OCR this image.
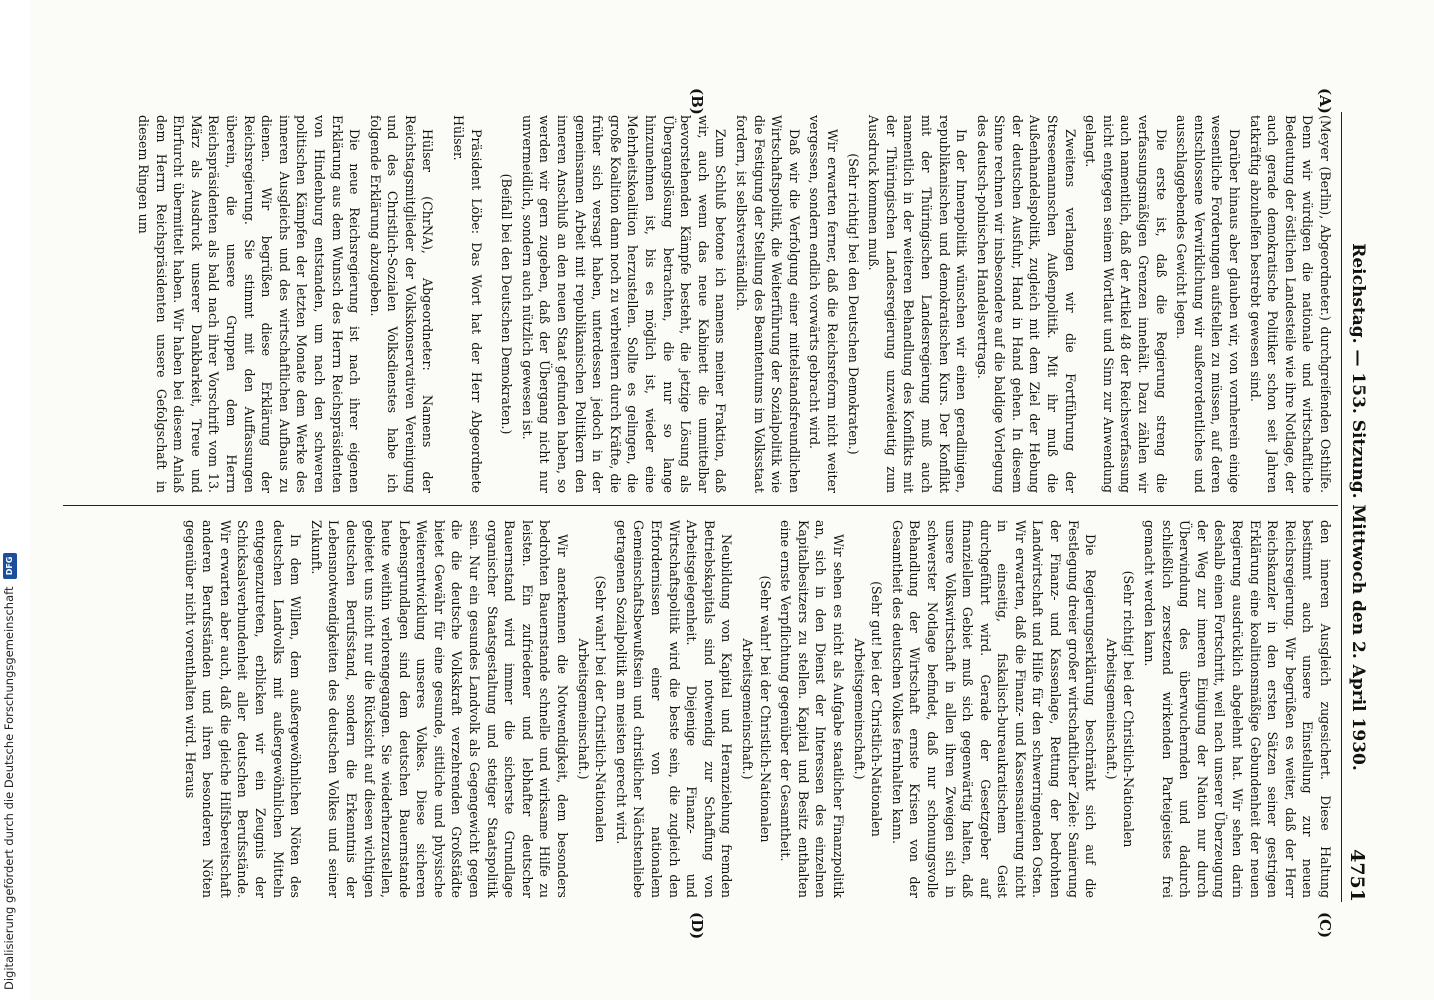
Reichstag. — 153. Sitzung. Mittwoch den 2. April 1930.
4751
(A)
(B)
(C)
(D)

(Meyer (Berlin), Abgeordneter.) durchgreifenden Osthilfe. Denn wir würdigen die nationale und wirtschaftliche Bedeutung der östlichen Landesteile wie ihre Notlage, der auch gerade demokratische Politiker schon seit Jahren tatkräftig abzuhelfen bestrebt gewesen sind.

Darüber hinaus aber glauben wir, von vornherein einige wesentliche Forderungen aufstellen zu müssen, auf deren entschlossene Verwirklichung wir außerordentliches und ausschlaggebendes Gewicht legen.

Die erste ist, daß die Regierung streng die verfassungsmäßigen Grenzen innehält. Dazu zählen wir auch namentlich, daß der Artikel 48 der Reichsverfassung nicht entgegen seinem Wortlaut und Sinn zur Anwendung gelangt.

Zweitens verlangen wir die Fortführung der Streseemannschen Außenpolitik. Mit ihr muß die Außenhandelspolitik, zugleich mit dem Ziel der Hebung der deutschen Ausfuhr, Hand in Hand gehen. In diesem Sinne rechnen wir insbesondere auf die baldige Vorlegung des deutsch-polnischen Handelsvertrags.

In der Innenpolitik wünschen wir einen geradlinigen, republikanischen und demokratischen Kurs. Der Konflikt mit der Thüringischen Landesregierung muß auch namentlich in der weiteren Behandlung des Konflikts mit der Thüringischen Landesregierung unzweideutig zum Ausdruck kommen muß.

(Sehr richtig! bei den Deutschen Demokraten.)

Wir erwarten ferner, daß die Reichsreform nicht weiter vergessen, sondern endlich vorwärts gebracht wird.

Daß wir die Verfolgung einer mittelstandsfreundlichen Wirtschaftspolitik, die Weiterführung der Sozialpolitik wie die Festigung der Stellung des Beamtentums im Volksstaat fordern, ist selbstverständlich.

Zum Schluß betone ich namens meiner Fraktion, daß wir, auch wenn das neue Kabinett die unmittelbar bevorstehenden Kämpfe besteht, die jetzige Lösung als Übergangslösung betrachten, die nur so lange hinzunehmen ist, bis es möglich ist, wieder eine Mehrheitskoalition herzustellen. Sollte es gelingen, die große Koalition dann noch zu verbreitern durch Kräfte, die früher sich versagt haben, unterdessen jedoch in der gemeinsamen Arbeit mit republikanischen Politikern den inneren Anschluß an den neuen Staat gefunden haben, so werden wir gern zugeben, daß der Übergang nicht nur unvermeidlich, sondern auch nützlich gewesen ist.

(Beifall bei den Deutschen Demokraten.)

Präsident Löbe: Das Wort hat der Herr Abgeordnete Hülser.

Hülser (ChrNA), Abgeordneter: Namens der Reichstagsmitglieder der Volkskonservativen Vereinigung und des Christlich-Sozialen Volksdienstes habe ich folgende Erklärung abzugeben.

Die neue Reichsregierung ist nach ihrer eigenen Erklärung aus dem Wunsch des Herrn Reichspräsidenten von Hindenburg entstanden, um nach den schweren politischen Kämpfen der letzten Monate dem Werke des inneren Ausgleichs und des wirtschaftlichen Aufbaus zu dienen. Wir begrüßen diese Erklärung der Reichsregierung. Sie stimmt mit den Auffassungen überein, die unsere Gruppen dem Herrn Reichspräsidenten als bald nach ihrer Vorschrift vom 13. März als Ausdruck unserer Dankbarkeit, Treue und Ehrfurcht übermittelt haben. Wir haben bei diesem Anlaß dem Herrn Reichspräsidenten unsere Gefolgschaft in diesem Ringen um

den inneren Ausgleich zugesichert. Diese Haltung bestimmt auch unsere Einstellung zur neuen Reichsregierung. Wir begrüßen es weiter, daß der Herr Reichskanzler in den ersten Sätzen seiner gestrigen Erklärung eine koalitionsmäßige Gebundenheit der neuen Regierung ausdrücklich abgelehnt hat. Wir sehen darin deshalb einen Fortschritt, weil nach unserer Überzeugung der Weg zur inneren Einigung der Nation nur durch Überwindung des überwuchernden und dadurch schließlich zersetzend wirkenden Parteigeistes frei gemacht werden kann.

(Sehr richtig! bei der Christlich-Nationalen Arbeitsgemeinschaft.)

Die Regierungserklärung beschränkt sich auf die Festlegung dreier großer wirtschaftlicher Ziele: Sanierung der Finanz- und Kassenlage, Rettung der bedrohten Landwirtschaft und Hilfe für den schwerringenden Osten. Wir erwarten, daß die Finanz- und Kassensanierung nicht in einseitig, fiskalisch-bureaukratischem Geist durchgeführt wird. Gerade der Gesetzgeber auf finanziellem Gebiet muß sich gegenwärtig halten, daß unsere Volkswirtschaft in allen ihren Zweigen sich in schwerster Notlage befindet, daß nur schonungsvolle Behandlung der Wirtschaft ernste Krisen von der Gesamtheit des deutschen Volkes fernhalten kann.

(Sehr gut! bei der Christlich-Nationalen Arbeitsgemeinschaft.)

Wir sehen es nicht als Aufgabe staatlicher Finanzpolitik an, sich in den Dienst der Interessen des einzelnen Kapitalbesitzers zu stellen. Kapital und Besitz enthalten eine ernste Verpflichtung gegenüber der Gesamtheit.

(Sehr wahr! bei der Christlich-Nationalen Arbeitsgemeinschaft.)

Neubildung von Kapital und Heranziehung fremden Betriebskapitals sind notwendig zur Schaffung von Arbeitsgelegenheit. Diejenige Finanz- und Wirtschaftspolitik wird die beste sein, die zugleich den Erfordernissen einer von nationalem Gemeinschaftsbewußtsein und christlicher Nächstenliebe getragenen Sozialpolitik am meisten gerecht wird.

(Sehr wahr! bei der Christlich-Nationalen Arbeitsgemeinschaft.)

Wir anerkennen die Notwendigkeit, dem besonders bedrohten Bauernstande schnelle und wirksame Hilfe zu leisten. Ein zufriedener und lebhafter deutscher Bauernstand wird immer die sicherste Grundlage organischer Staatsgestaltung und stetiger Staatspolitik sein. Nur ein gesundes Landvolk als Gegengewicht gegen die die deutsche Volkskraft verzehrenden Großstädte bietet Gewähr für eine gesunde, sittliche und physische Weiterentwicklung unseres Volkes. Diese sicheren Lebensgrundlagen sind dem deutschen Bauernstande heute weithin verlorengegangen. Sie wiederherzustellen, gebietet uns nicht nur die Rücksicht auf diesen wichtigen deutschen Berufsstand, sondern die Erkenntnis der Lebensnotwendigkeiten des deutschen Volkes und seiner Zukunft.

In dem Willen, dem außergewöhnlichen Nöten des deutschen Landvolks mit außergewöhnlichen Mitteln entgegenzutreten, erblicken wir ein Zeugnis der Schicksalsverbundenheit aller deutschen Berufsstände. Wir erwarten aber auch, daß die gleiche Hilfsbereitschaft anderen Berufsständen und ihren besonderen Nöten gegenüber nicht vorenthalten wird. Heraus

Digitalisierung gefördert durch die Deutsche Forschungsgemeinschaft DFG
